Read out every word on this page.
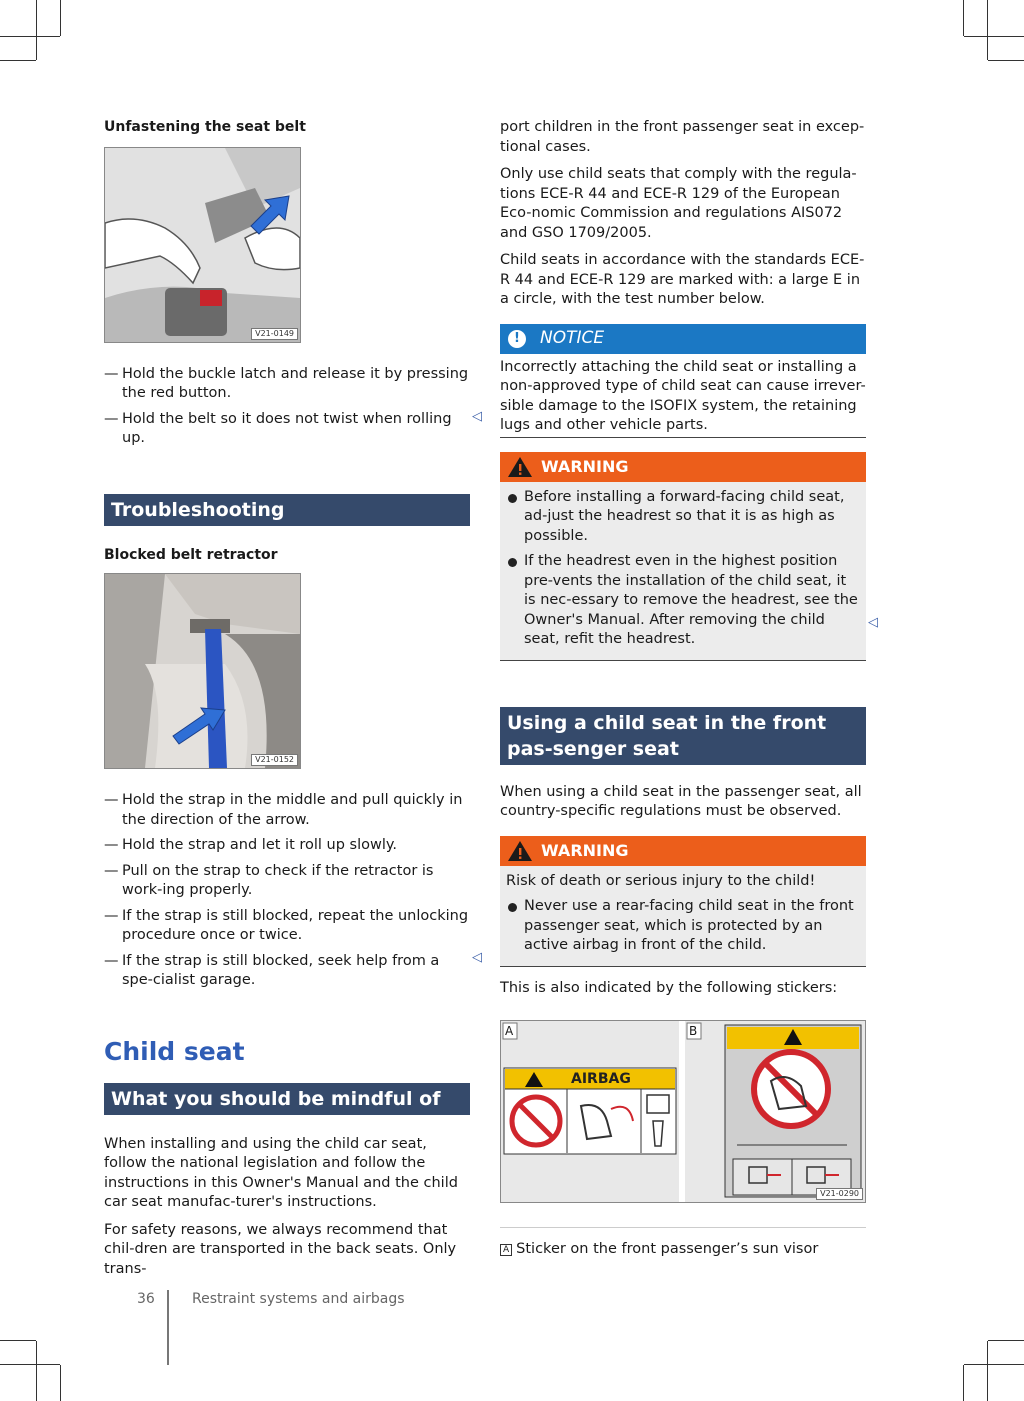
Unfastening the seat belt
V21-0149
— Hold the buckle latch and release it by pressing the red button.
— Hold the belt so it does not twist when rolling up.
◁
Troubleshooting
Blocked belt retractor
V21-0152
— Hold the strap in the middle and pull quickly in the direction of the arrow.
— Hold the strap and let it roll up slowly.
— Pull on the strap to check if the retractor is work-ing properly.
— If the strap is still blocked, repeat the unlocking procedure once or twice.
— If the strap is still blocked, seek help from a spe-cialist garage.
◁
Child seat
What you should be mindful of

When installing and using the child car seat, follow the national legislation and follow the instructions in this Owner's Manual and the child car seat manufac-turer's instructions.

For safety reasons, we always recommend that chil-dren are transported in the back seats. Only trans-

port children in the front passenger seat in excep-tional cases.

Only use child seats that comply with the regula-tions ECE-R 44 and ECE-R 129 of the European Eco-nomic Commission and regulations AIS072 and GSO 1709/2005.

Child seats in accordance with the standards ECE-R 44 and ECE-R 129 are marked with: a large E in a circle, with the test number below.

!	NOTICE
Incorrectly attaching the child seat or installing a non-approved type of child seat can cause irrever-sible damage to the ISOFIX system, the retaining lugs and other vehicle parts.
WARNING
Before installing a forward-facing child seat, ad-just the headrest so that it is as high as possible.
If the headrest even in the highest position pre-vents the installation of the child seat, it is nec-essary to remove the headrest, see the Owner's Manual. After removing the child seat, refit the headrest.
◁
Using a child seat in the front pas-senger seat

When using a child seat in the passenger seat, all country-specific regulations must be observed.

WARNING

Risk of death or serious injury to the child!

Never use a rear-facing child seat in the front passenger seat, which is protected by an active airbag in front of the child.

This is also indicated by the following stickers:

A	B
AIRBAG
V21-0290
A Sticker on the front passenger’s sun visor
36	Restraint systems and airbags
